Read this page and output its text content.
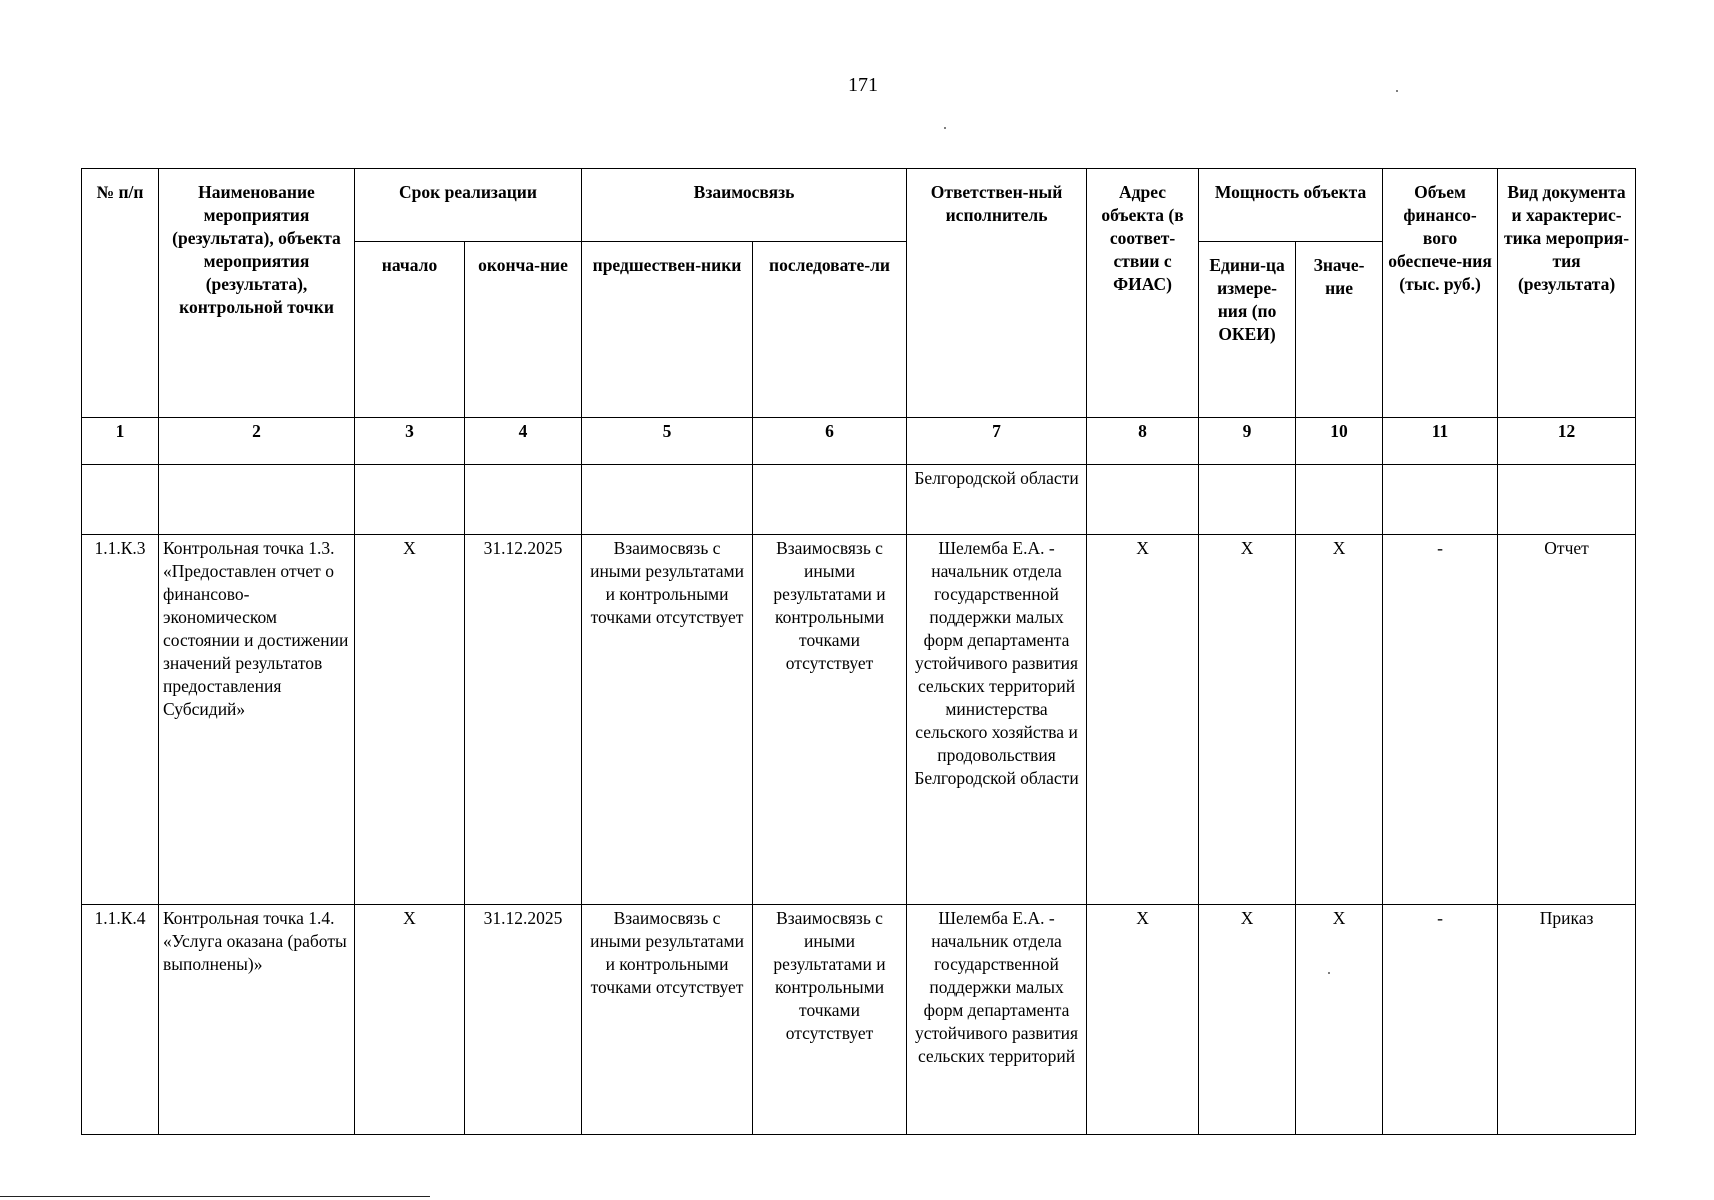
171
№ п/п	Наименование мероприятия (результата), объекта мероприятия (результата), контрольной точки	Срок реализации		Взаимосвязь		Ответствен-ный исполнитель	Адрес объекта (в соответ-ствии с ФИАС)	Мощность объекта		Объем финансо-вого обеспече-ния (тыс. руб.)	Вид документа и характерис-тика мероприя-тия (результата)
		начало	оконча-ние	предшествен-ники	последовате-ли			Едини-ца измере-ния (по ОКЕИ)	Значе-ние		
1	2	3	4	5	6	7	8	9	10	11	12
						Белгородской области					
1.1.К.3	Контрольная точка 1.3. «Предоставлен отчет о финансово-экономическом состоянии и достижении значений результатов предоставления Субсидий»	X	31.12.2025	Взаимосвязь с иными результатами и контрольными точками отсутствует	Взаимосвязь с иными результатами и контрольными точками отсутствует	Шелемба Е.А. - начальник отдела государственной поддержки малых форм департамента устойчивого развития сельских территорий министерства сельского хозяйства и продовольствия Белгородской области	X	X	X	-	Отчет
1.1.К.4	Контрольная точка 1.4. «Услуга оказана (работы выполнены)»	X	31.12.2025	Взаимосвязь с иными результатами и контрольными точками отсутствует	Взаимосвязь с иными результатами и контрольными точками отсутствует	Шелемба Е.А. - начальник отдела государственной поддержки малых форм департамента устойчивого развития сельских территорий	X	X	X	-	Приказ
